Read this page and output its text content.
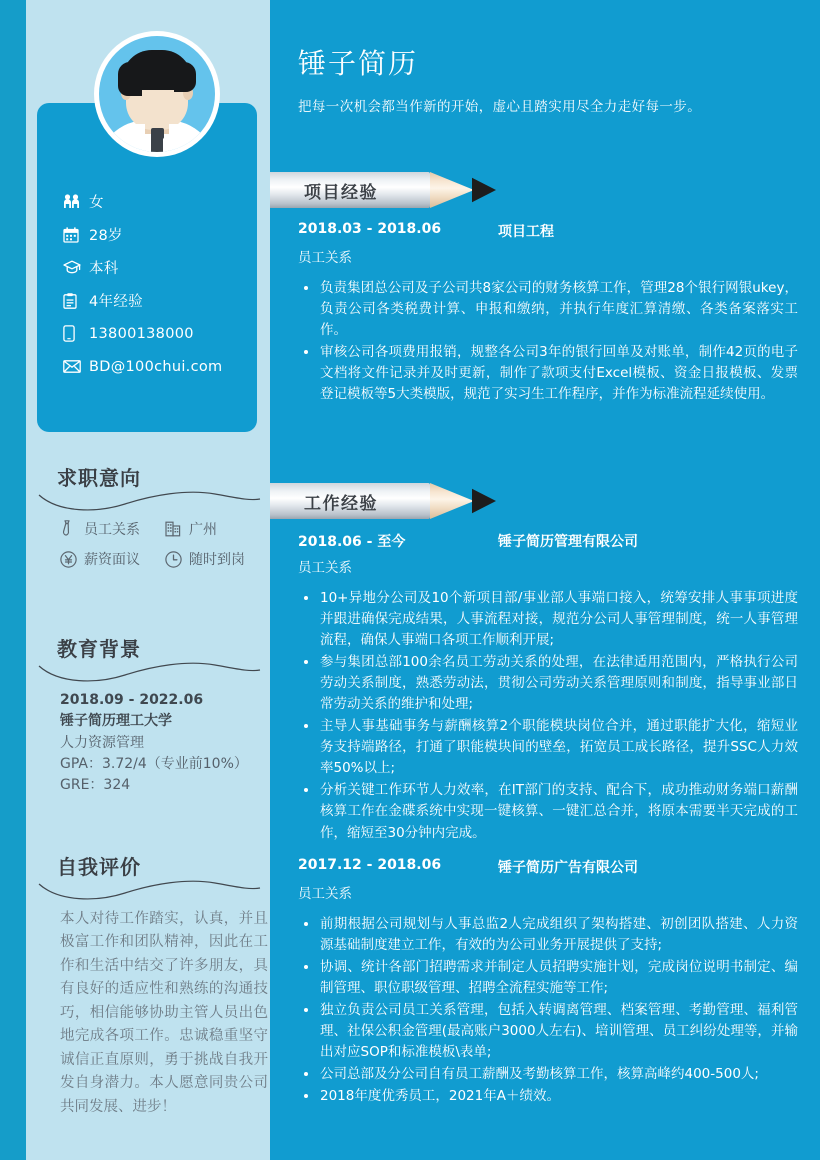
女
28岁
本科
4年经验
13800138000
BD@100chui.com
求职意向
员工关系	广州
薪资面议	随时到岗
教育背景
2018.09 - 2022.06
锤子简历理工大学
人力资源管理
GPA：3.72/4（专业前10%）
GRE：324
自我评价
本人对待工作踏实，认真，并且极富工作和团队精神，因此在工作和生活中结交了许多朋友，具有良好的适应性和熟练的沟通技巧，相信能够协助主管人员出色地完成各项工作。忠诚稳重坚守诚信正直原则，勇于挑战自我开发自身潜力。本人愿意同贵公司共同发展、进步！
锤子简历
把每一次机会都当作新的开始，虚心且踏实用尽全力走好每一步。
项目经验
2018.03 - 2018.06	项目工程
员工关系
负责集团总公司及子公司共8家公司的财务核算工作，管理28个银行网银ukey，负责公司各类税费计算、申报和缴纳，并执行年度汇算清缴、各类备案落实工作。
审核公司各项费用报销，规整各公司3年的银行回单及对账单，制作42页的电子文档将文件记录并及时更新，制作了款项支付Excel模板、资金日报模板、发票登记模板等5大类模版，规范了实习生工作程序，并作为标准流程延续使用。
工作经验
2018.06 - 至今	锤子简历管理有限公司
员工关系
10+异地分公司及10个新项目部/事业部人事端口接入，统筹安排人事事项进度并跟进确保完成结果，人事流程对接，规范分公司人事管理制度，统一人事管理流程，确保人事端口各项工作顺利开展;
参与集团总部100余名员工劳动关系的处理，在法律适用范围内，严格执行公司劳动关系制度，熟悉劳动法，贯彻公司劳动关系管理原则和制度，指导事业部日常劳动关系的维护和处理;
主导人事基础事务与薪酬核算2个职能模块岗位合并，通过职能扩大化，缩短业务支持端路径，打通了职能模块间的壁垒，拓宽员工成长路径，提升SSC人力效率50%以上;
分析关键工作环节人力效率，在IT部门的支持、配合下，成功推动财务端口薪酬核算工作在金碟系统中实现一键核算、一键汇总合并，将原本需要半天完成的工作，缩短至30分钟内完成。
2017.12 - 2018.06	锤子简历广告有限公司
员工关系
前期根据公司规划与人事总监2人完成组织了架构搭建、初创团队搭建、人力资源基础制度建立工作，有效的为公司业务开展提供了支持;
协调、统计各部门招聘需求并制定人员招聘实施计划，完成岗位说明书制定、编制管理、职位职级管理、招聘全流程实施等工作;
独立负责公司员工关系管理，包括入转调离管理、档案管理、考勤管理、福利管理、社保公积金管理(最高账户3000人左右)、培训管理、员工纠纷处理等，并输出对应SOP和标准模板\表单;
公司总部及分公司自有员工薪酬及考勤核算工作，核算高峰约400-500人;
2018年度优秀员工，2021年A＋绩效。
